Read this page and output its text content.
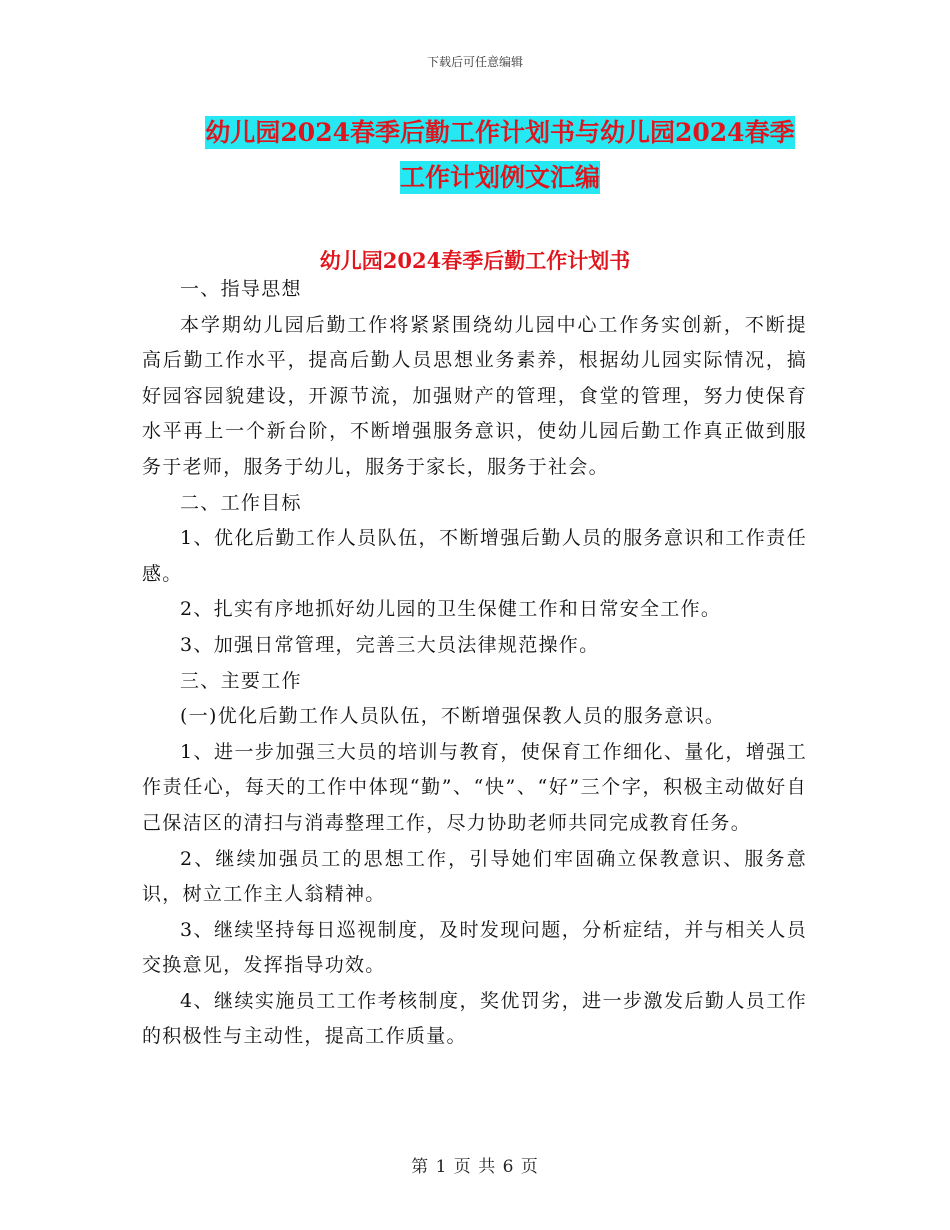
下载后可任意编辑
幼儿园2024春季后勤工作计划书与幼儿园2024春季工作计划例文汇编
幼儿园2024春季后勤工作计划书

一、指导思想

本学期幼儿园后勤工作将紧紧围绕幼儿园中心工作务实创新，不断提高后勤工作水平，提高后勤人员思想业务素养，根据幼儿园实际情况，搞好园容园貌建设，开源节流，加强财产的管理，食堂的管理，努力使保育水平再上一个新台阶，不断增强服务意识，使幼儿园后勤工作真正做到服务于老师，服务于幼儿，服务于家长，服务于社会。

二、工作目标

1、优化后勤工作人员队伍，不断增强后勤人员的服务意识和工作责任感。

2、扎实有序地抓好幼儿园的卫生保健工作和日常安全工作。

3、加强日常管理，完善三大员法律规范操作。

三、主要工作

(一)优化后勤工作人员队伍，不断增强保教人员的服务意识。

1、进一步加强三大员的培训与教育，使保育工作细化、量化，增强工作责任心，每天的工作中体现“勤”、“快”、“好”三个字，积极主动做好自己保洁区的清扫与消毒整理工作，尽力协助老师共同完成教育任务。

2、继续加强员工的思想工作，引导她们牢固确立保教意识、服务意识，树立工作主人翁精神。

3、继续坚持每日巡视制度，及时发现问题，分析症结，并与相关人员交换意见，发挥指导功效。

4、继续实施员工工作考核制度，奖优罚劣，进一步激发后勤人员工作的积极性与主动性，提高工作质量。

第 1 页 共 6 页
